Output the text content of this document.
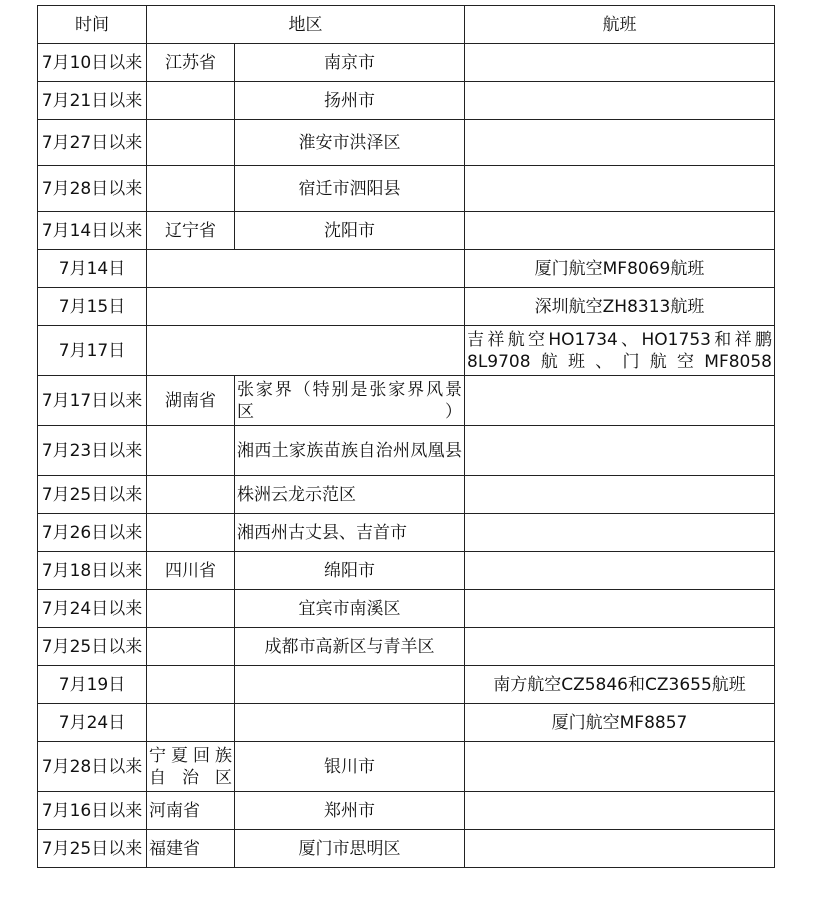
时间	地区		航班
7月10日以来	江苏省	南京市	
7月21日以来		扬州市	
7月27日以来		淮安市洪泽区	
7月28日以来		宿迁市泗阳县	
7月14日以来	辽宁省	沈阳市	
7月14日			厦门航空MF8069航班
7月15日			深圳航空ZH8313航班
7月17日			吉祥航空HO1734、HO1753和祥鹏8L9708航班、门航空MF8058
7月17日以来	湖南省	张家界（特别是张家界风景区）	
7月23日以来		湘西土家族苗族自治州凤凰县	
7月25日以来		株洲云龙示范区	
7月26日以来		湘西州古丈县、吉首市	
7月18日以来	四川省	绵阳市	
7月24日以来		宜宾市南溪区	
7月25日以来		成都市高新区与青羊区	
7月19日			南方航空CZ5846和CZ3655航班
7月24日			厦门航空MF8857
7月28日以来	宁夏回族自治区	银川市	
7月16日以来	河南省	郑州市	
7月25日以来	福建省	厦门市思明区	
